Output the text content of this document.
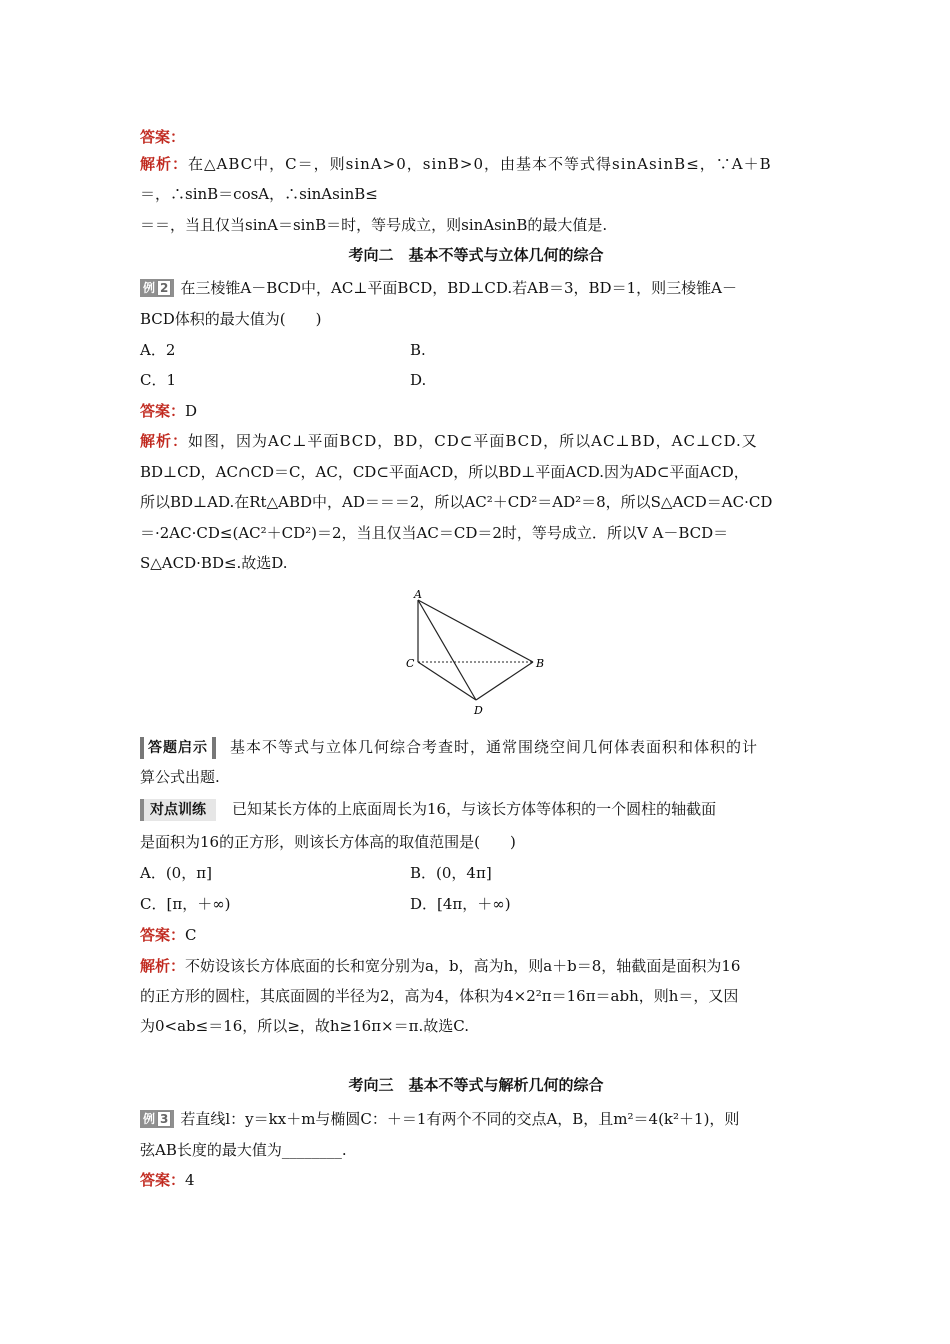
答案：
解析：在△ABC中，C＝，则sinA>0，sinB>0，由基本不等式得sinAsinB≤，∵A＋B
＝，∴sinB＝cosA，∴sinAsinB≤
＝＝，当且仅当sinA＝sinB＝时，等号成立，则sinAsinB的最大值是.
考向二　基本不等式与立体几何的综合
例 2 在三棱锥A－BCD中，AC⊥平面BCD，BD⊥CD.若AB＝3，BD＝1，则三棱锥A－
BCD体积的最大值为(　　)
A．2	B.
C．1	D.
答案：D
解析：如图，因为AC⊥平面BCD，BD，CD⊂平面BCD，所以AC⊥BD，AC⊥CD.又
BD⊥CD，AC∩CD＝C，AC，CD⊂平面ACD，所以BD⊥平面ACD.因为AD⊂平面ACD，
所以BD⊥AD.在Rt△ABD中，AD＝＝＝2，所以AC²＋CD²＝AD²＝8，所以S△ACD＝AC·CD
＝·2AC·CD≤(AC²＋CD²)＝2，当且仅当AC＝CD＝2时，等号成立．所以V A－BCD＝
S△ACD·BD≤.故选D.
A
B
C
D
答题启示 基本不等式与立体几何综合考查时，通常围绕空间几何体表面积和体积的计
算公式出题.
对点训练 已知某长方体的上底面周长为16，与该长方体等体积的一个圆柱的轴截面
是面积为16的正方形，则该长方体高的取值范围是(　　)
A．(0，π]	B．(0，4π]
C．[π，＋∞)	D．[4π，＋∞)
答案：C
解析：不妨设该长方体底面的长和宽分别为a，b，高为h，则a＋b＝8，轴截面是面积为16
的正方形的圆柱，其底面圆的半径为2，高为4，体积为4×2²π＝16π＝abh，则h＝，又因
为0<ab≤＝16，所以≥，故h≥16π×＝π.故选C.
考向三　基本不等式与解析几何的综合
例 3 若直线l：y＝kx＋m与椭圆C：＋＝1有两个不同的交点A，B，且m²＝4(k²＋1)，则
弦AB长度的最大值为________.
答案：4
